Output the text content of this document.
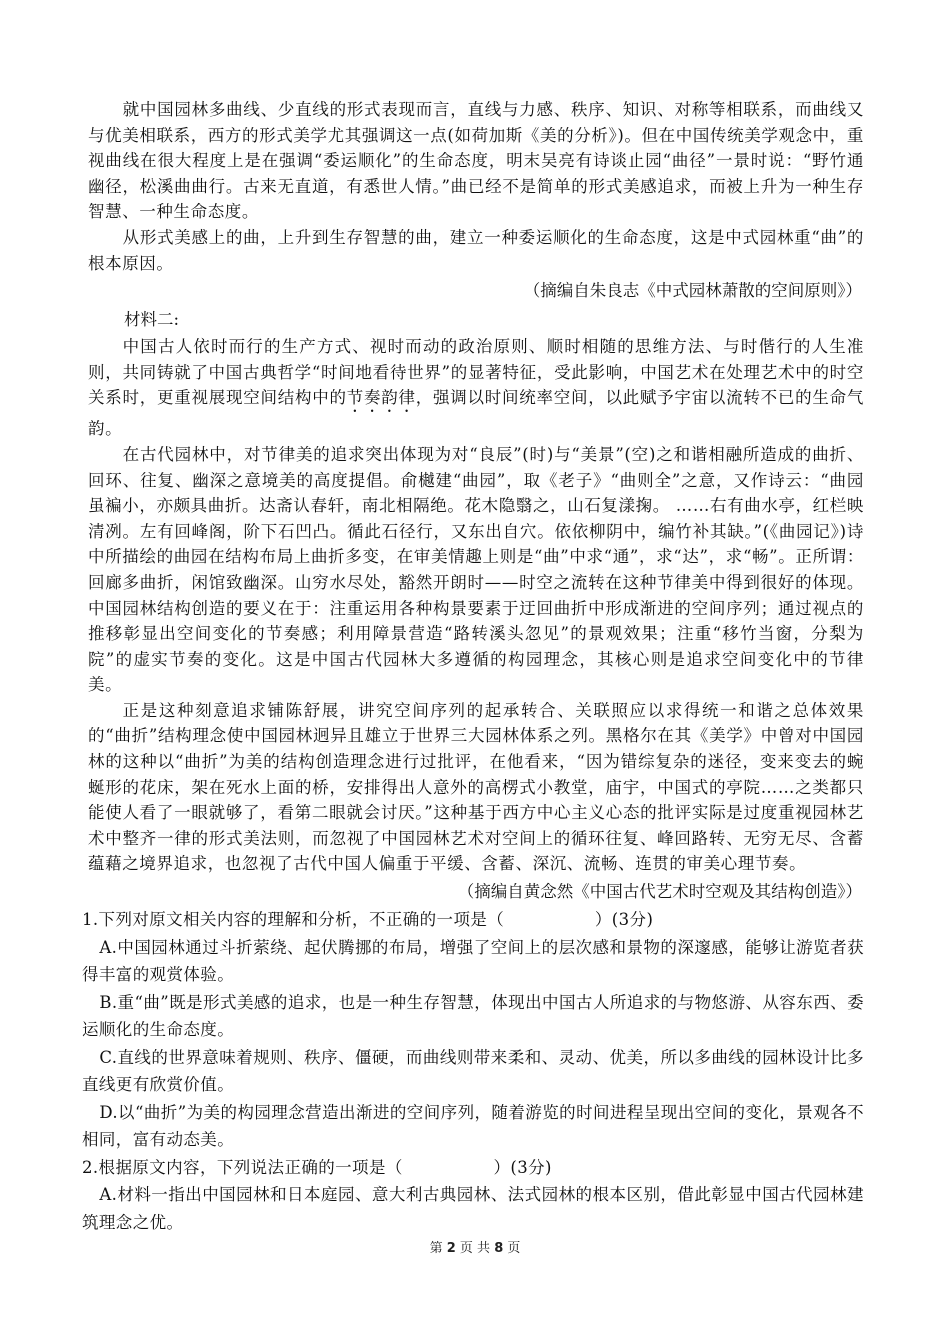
就中国园林多曲线、少直线的形式表现而言，直线与力感、秩序、知识、对称等相联系，而曲线又与优美相联系，西方的形式美学尤其强调这一点(如荷加斯《美的分析》)。但在中国传统美学观念中，重视曲线在很大程度上是在强调“委运顺化”的生命态度，明末吴亮有诗谈止园“曲径”一景时说：“野竹通幽径，松溪曲曲行。古来无直道，有悉世人情。”曲已经不是简单的形式美感追求，而被上升为一种生存智慧、一种生命态度。

从形式美感上的曲，上升到生存智慧的曲，建立一种委运顺化的生命态度，这是中式园林重“曲”的根本原因。

（摘编自朱良志《中式园林萧散的空间原则》）

材料二:

中国古人依时而行的生产方式、视时而动的政治原则、顺时相随的思维方法、与时偕行的人生准则，共同铸就了中国古典哲学“时间地看待世界”的显著特征，受此影响，中国艺术在处理艺术中的时空关系时，更重视展现空间结构中的节奏韵律，强调以时间统率空间，以此赋予宇宙以流转不已的生命气韵。

在古代园林中，对节律美的追求突出体现为对“良辰”(时)与“美景”(空)之和谐相融所造成的曲折、回环、往复、幽深之意境美的高度提倡。俞樾建“曲园”，取《老子》“曲则全”之意，又作诗云：“曲园虽褊小，亦颇具曲折。达斋认春轩，南北相隔绝。花木隐翳之，山石复漾掬。 ……右有曲水亭，红栏映清冽。左有回峰阁，阶下石凹凸。循此石径行，又东出自穴。依依柳阴中，编竹补其缺。”(《曲园记》)诗中所描绘的曲园在结构布局上曲折多变，在审美情趣上则是“曲”中求“通”，求“达”，求“畅”。正所谓：回廊多曲折，闲馆致幽深。山穷水尽处，豁然开朗时——时空之流转在这种节律美中得到很好的体现。中国园林结构创造的要义在于：注重运用各种构景要素于迂回曲折中形成渐进的空间序列；通过视点的推移彰显出空间变化的节奏感；利用障景营造“路转溪头忽见”的景观效果；注重“移竹当窗，分梨为院”的虚实节奏的变化。这是中国古代园林大多遵循的构园理念，其核心则是追求空间变化中的节律美。

正是这种刻意追求铺陈舒展，讲究空间序列的起承转合、关联照应以求得统一和谐之总体效果的“曲折”结构理念使中国园林迥异且雄立于世界三大园林体系之列。黑格尔在其《美学》中曾对中国园林的这种以“曲折”为美的结构创造理念进行过批评，在他看来，“因为错综复杂的迷径，变来变去的蜿蜒形的花床，架在死水上面的桥，安排得出人意外的高楞式小教堂，庙宇，中国式的亭院……之类都只能使人看了一眼就够了，看第二眼就会讨厌。”这种基于西方中心主义心态的批评实际是过度重视园林艺术中整齐一律的形式美法则，而忽视了中国园林艺术对空间上的循环往复、峰回路转、无穷无尽、含蓄蕴藉之境界追求，也忽视了古代中国人偏重于平缓、含蓄、深沉、流畅、连贯的审美心理节奏。

（摘编自黄念然《中国古代艺术时空观及其结构创造》）

1.下列对原文相关内容的理解和分析，不正确的一项是（	）(3分)

A.中国园林通过斗折萦绕、起伏腾挪的布局，增强了空间上的层次感和景物的深邃感，能够让游览者获得丰富的观赏体验。

B.重“曲”既是形式美感的追求，也是一种生存智慧，体现出中国古人所追求的与物悠游、从容东西、委运顺化的生命态度。

C.直线的世界意味着规则、秩序、僵硬，而曲线则带来柔和、灵动、优美，所以多曲线的园林设计比多直线更有欣赏价值。

D.以“曲折”为美的构园理念营造出渐进的空间序列，随着游览的时间进程呈现出空间的变化，景观各不相同，富有动态美。

2.根据原文内容，下列说法正确的一项是（	）(3分)

A.材料一指出中国园林和日本庭园、意大利古典园林、法式园林的根本区别，借此彰显中国古代园林建筑理念之优。

第 2 页 共 8 页
